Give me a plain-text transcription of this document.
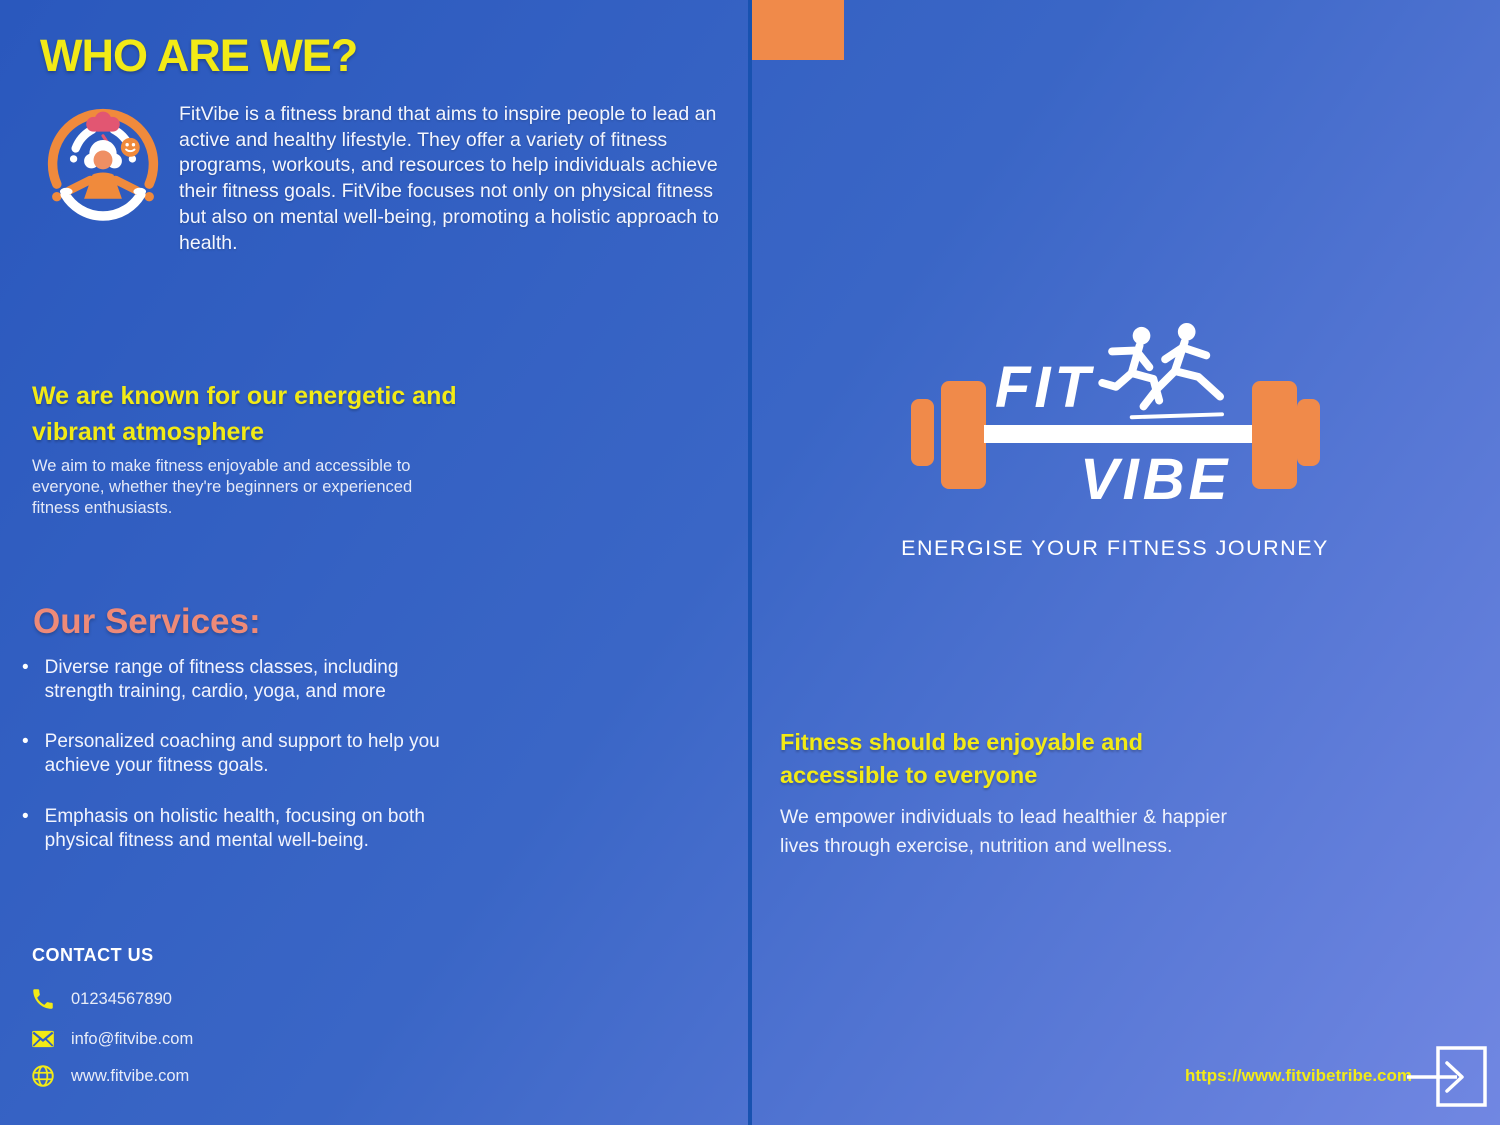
WHO ARE WE?
FitVibe is a fitness brand that aims to inspire people to lead an active and healthy lifestyle. They offer a variety of fitness programs, workouts, and resources to help individuals achieve their fitness goals. FitVibe focuses not only on physical fitness but also on mental well-being, promoting a holistic approach to health.
We are known for our energetic and vibrant atmosphere
We aim to make fitness enjoyable and accessible to everyone, whether they're beginners or experienced fitness enthusiasts.
Our Services:
• Diverse range of fitness classes, including strength training, cardio, yoga, and more
• Personalized coaching and support to help you achieve your fitness goals.
• Emphasis on holistic health, focusing on both physical fitness and mental well-being.
CONTACT US
01234567890
info@fitvibe.com
www.fitvibe.com
FIT
VIBE
ENERGISE YOUR FITNESS JOURNEY
Fitness should be enjoyable and accessible to everyone
We empower individuals to lead healthier & happier lives through exercise, nutrition and wellness.
https://www.fitvibetribe.com
